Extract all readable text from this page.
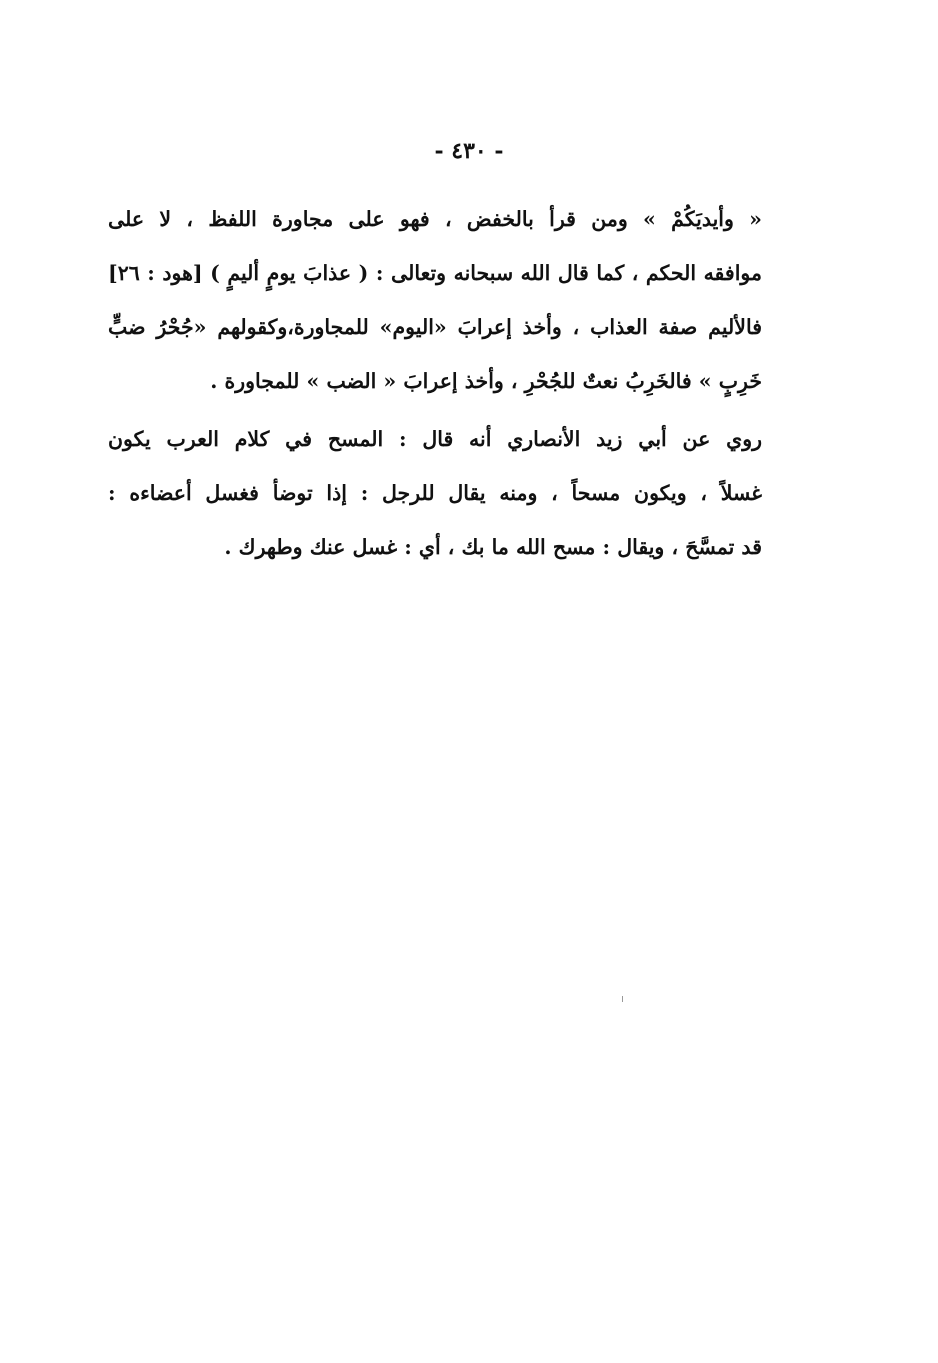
- ٤٣٠ -
« وأيديَكُمْ » ومن قرأ بالخفض ، فهو على مجاورة اللفظ ، لا على
موافقه الحكم ، كما قال الله سبحانه وتعالى : ( عذابَ يومٍ أليمٍ ) [هود : ٢٦]
فالأليم صفة العذاب ، وأخذ إعرابَ «اليوم» للمجاورة،وكقولهم «جُحْرُ ضبٍّ
خَرِبٍ » فالخَرِبُ نعتٌ للجُحْرِ ، وأخذ إعرابَ « الضب » للمجاورة .
روي عن أبي زيد الأنصاري أنه قال : المسح في كلام العرب يكون
غسلاً ، ويكون مسحاً ، ومنه يقال للرجل : إذا توضأ فغسل أعضاءه :
قد تمسَّحَ ، ويقال : مسح الله ما بك ، أي : غسل عنك وطهرك .
